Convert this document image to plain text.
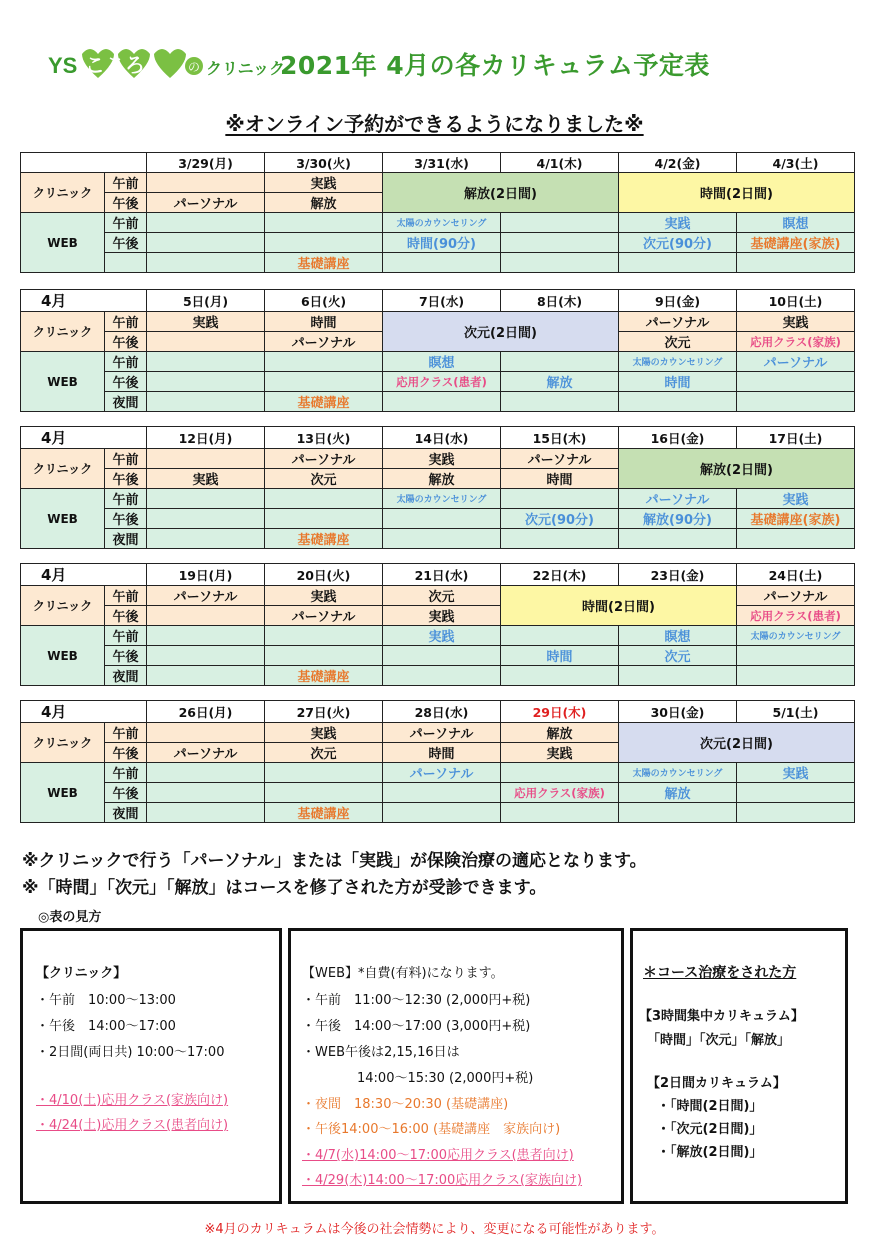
YS こころ	の クリニック
2021年 4月の各カリキュラム予定表
※オンライン予約ができるようになりました※
		3/29(月)	3/30(火)	3/31(水)	4/1(木)	4/2(金)	4/3(土)
クリニック	午前		実践	解放(2日間)		時間(2日間)	
	午後	パーソナル	解放				
WEB	午前			太陽のカウンセリング		実践	瞑想
	午後			時間(90分)		次元(90分)	基礎講座(家族)
			基礎講座				
4月		5日(月)	6日(火)	7日(水)	8日(木)	9日(金)	10日(土)
クリニック	午前	実践	時間	次元(2日間)		パーソナル	実践
	午後		パーソナル			次元	応用クラス(家族)
WEB	午前			瞑想		太陽のカウンセリング	パーソナル
	午後			応用クラス(患者)	解放	時間	
	夜間		基礎講座				
4月		12日(月)	13日(火)	14日(水)	15日(木)	16日(金)	17日(土)
クリニック	午前		パーソナル	実践	パーソナル	解放(2日間)	
	午後	実践	次元	解放	時間		
WEB	午前			太陽のカウンセリング		パーソナル	実践
	午後				次元(90分)	解放(90分)	基礎講座(家族)
	夜間		基礎講座				
4月		19日(月)	20日(火)	21日(水)	22日(木)	23日(金)	24日(土)
クリニック	午前	パーソナル	実践	次元	時間(2日間)		パーソナル
	午後		パーソナル	実践			応用クラス(患者)
WEB	午前			実践		瞑想	太陽のカウンセリング
	午後				時間	次元	
	夜間		基礎講座				
4月		26日(月)	27日(火)	28日(水)	29日(木)	30日(金)	5/1(土)
クリニック	午前		実践	パーソナル	解放	次元(2日間)	
	午後	パーソナル	次元	時間	実践		
WEB	午前			パーソナル		太陽のカウンセリング	実践
	午後				応用クラス(家族)	解放	
	夜間		基礎講座				
※クリニックで行う「パーソナル」または「実践」が保険治療の適応となります。
※「時間」「次元」「解放」はコースを修了された方が受診できます。
◎表の見方

【クリニック】

・午前　10:00～13:00

・午後　14:00～17:00

・2日間(両日共) 10:00～17:00

・4/10(土)応用クラス(家族向け)

・4/24(土)応用クラス(患者向け)

【WEB】*自費(有料)になります。

・午前　11:00～12:30 (2,000円+税)

・午後　14:00～17:00 (3,000円+税)

・WEB午後は2,15,16日は

14:00～15:30 (2,000円+税)

・夜間　18:30～20:30 (基礎講座)

・午後14:00～16:00 (基礎講座　家族向け)

・4/7(水)14:00～17:00応用クラス(患者向け)

・4/29(木)14:00～17:00応用クラス(家族向け)

＊コース治療をされた方

【3時間集中カリキュラム】

「時間」「次元」「解放」

【2日間カリキュラム】

・「時間(2日間)」

・「次元(2日間)」

・「解放(2日間)」

※4月のカリキュラムは今後の社会情勢により、変更になる可能性があります。
